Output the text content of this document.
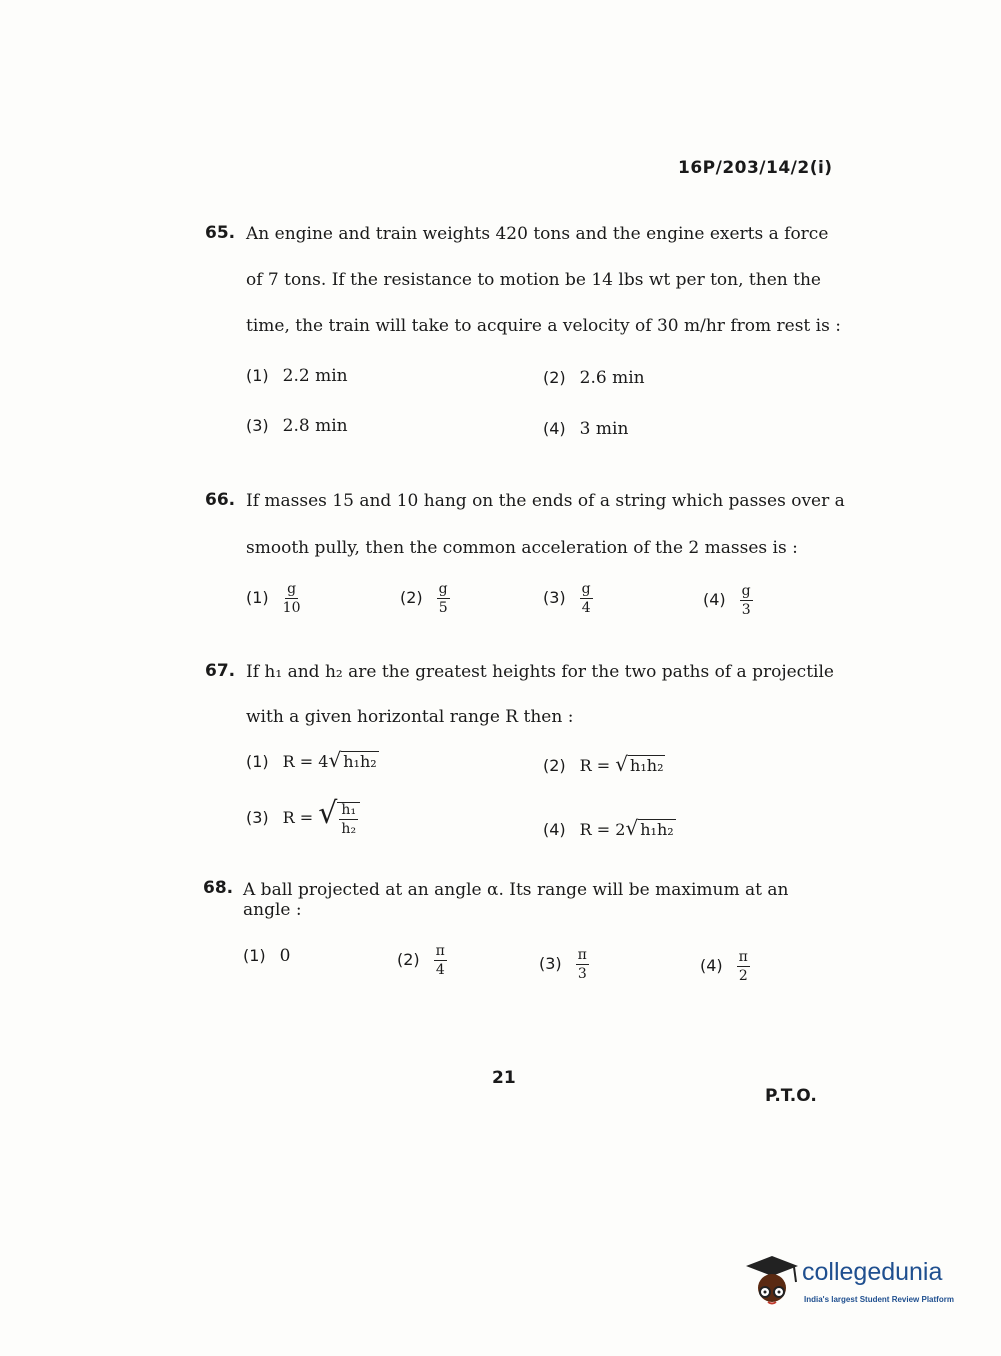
16P/203/14/2(i)
65. An engine and train weights 420 tons and the engine exerts a force
of 7 tons. If the resistance to motion be 14 lbs wt per ton, then the
time, the train will take to acquire a velocity of 30 m/hr from rest is :
(1) 2.2 min	(2) 2.6 min
(3) 2.8 min	(4) 3 min
66. If masses 15 and 10 hang on the ends of a string which passes over a
smooth pully, then the common acceleration of the 2 masses is :
$(1) \frac{g}{10}$	$(2) \frac{g}{5}$	$(3) \frac{g}{4}$	$(4) \frac{g}{3}$
67. If h₁ and h₂ are the greatest heights for the two paths of a projectile
with a given horizontal range R then :
(1) R = 4√ h₁h₂	(2) R = √ h₁h₂
(3) R = √ $\frac{\text{h₁}}{\text{h₂}}$	(4) R = 2√ h₁h₂
68. A ball projected at an angle α. Its range will be maximum at an
angle :
(1) 0	$(2) \frac{\pi}{4}$	$(3) \frac{\pi}{3}$	$(4) \frac{\pi}{2}$
21
P.T.O.
collegedunia
India's largest Student Review Platform
